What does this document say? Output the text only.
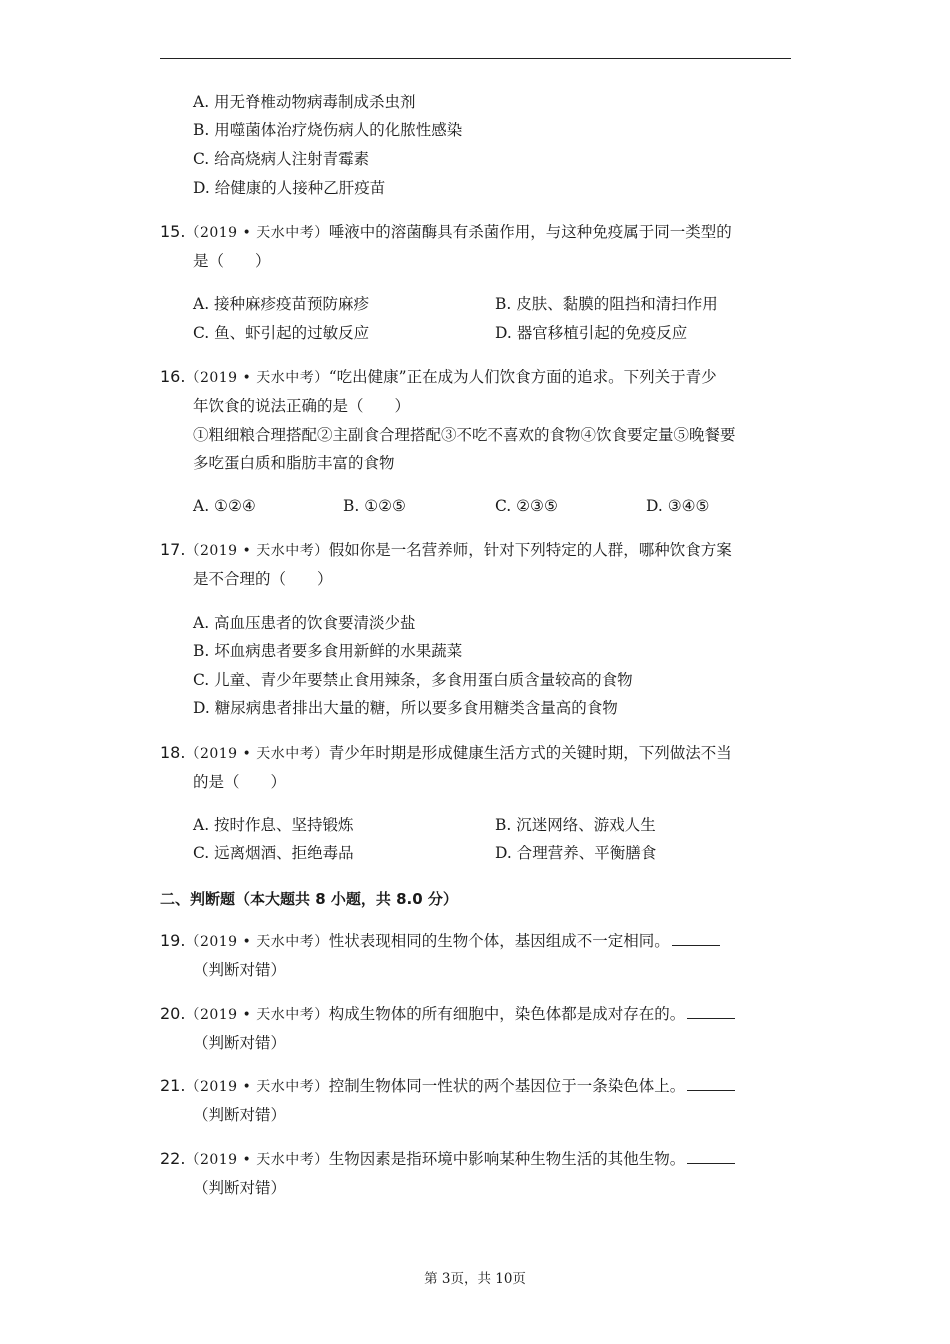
A. 用无脊椎动物病毒制成杀虫剂
B. 用噬菌体治疗烧伤病人的化脓性感染
C. 给高烧病人注射青霉素
D. 给健康的人接种乙肝疫苗
15.（2019 • 天水中考）唾液中的溶菌酶具有杀菌作用，与这种免疫属于同一类型的
是（　　）
A. 接种麻疹疫苗预防麻疹	B. 皮肤、黏膜的阻挡和清扫作用
C. 鱼、虾引起的过敏反应	D. 器官移植引起的免疫反应
16.（2019 • 天水中考）“吃出健康”正在成为人们饮食方面的追求。下列关于青少
年饮食的说法正确的是（　　）
①粗细粮合理搭配②主副食合理搭配③不吃不喜欢的食物④饮食要定量⑤晚餐要
多吃蛋白质和脂肪丰富的食物
A. ①②④	B. ①②⑤	C. ②③⑤	D. ③④⑤
17.（2019 • 天水中考）假如你是一名营养师，针对下列特定的人群，哪种饮食方案
是不合理的（　　）
A. 高血压患者的饮食要清淡少盐
B. 坏血病患者要多食用新鲜的水果蔬菜
C. 儿童、青少年要禁止食用辣条，多食用蛋白质含量较高的食物
D. 糖尿病患者排出大量的糖，所以要多食用糖类含量高的食物
18.（2019 • 天水中考）青少年时期是形成健康生活方式的关键时期，下列做法不当
的是（　　）
A. 按时作息、坚持锻炼	B. 沉迷网络、游戏人生
C. 远离烟酒、拒绝毒品	D. 合理营养、平衡膳食
二、判断题（本大题共 8 小题，共 8.0 分）
19.（2019 • 天水中考）性状表现相同的生物个体，基因组成不一定相同。
（判断对错）
20.（2019 • 天水中考）构成生物体的所有细胞中，染色体都是成对存在的。
（判断对错）
21.（2019 • 天水中考）控制生物体同一性状的两个基因位于一条染色体上。
（判断对错）
22.（2019 • 天水中考）生物因素是指环境中影响某种生物生活的其他生物。
（判断对错）
第 3页，共 10页
